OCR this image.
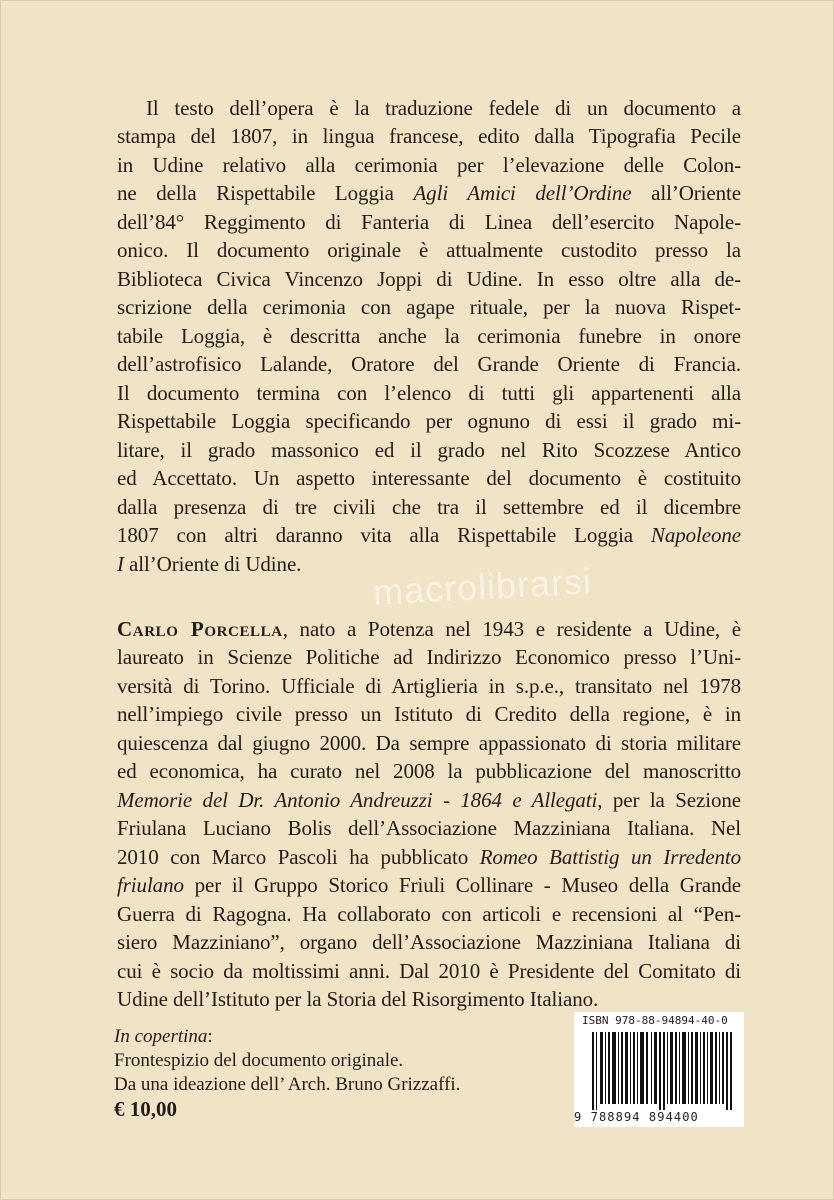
Il testo dell’opera è la traduzione fedele di un documento a
stampa del 1807, in lingua francese, edito dalla Tipografia Pecile
in Udine relativo alla cerimonia per l’elevazione delle Colon-
ne della Rispettabile Loggia Agli Amici dell’Ordine all’Oriente
dell’84° Reggimento di Fanteria di Linea dell’esercito Napole-
onico. Il documento originale è attualmente custodito presso la
Biblioteca Civica Vincenzo Joppi di Udine. In esso oltre alla de-
scrizione della cerimonia con agape rituale, per la nuova Rispet-
tabile Loggia, è descritta anche la cerimonia funebre in onore
dell’astrofisico Lalande, Oratore del Grande Oriente di Francia.
Il documento termina con l’elenco di tutti gli appartenenti alla
Rispettabile Loggia specificando per ognuno di essi il grado mi-
litare, il grado massonico ed il grado nel Rito Scozzese Antico
ed Accettato. Un aspetto interessante del documento è costituito
dalla presenza di tre civili che tra il settembre ed il dicembre
1807 con altri daranno vita alla Rispettabile Loggia Napoleone
I all’Oriente di Udine.	macrolibrarsi
Carlo Porcella, nato a Potenza nel 1943 e residente a Udine, è
laureato in Scienze Politiche ad Indirizzo Economico presso l’Uni-
versità di Torino. Ufficiale di Artiglieria in s.p.e., transitato nel 1978
nell’impiego civile presso un Istituto di Credito della regione, è in
quiescenza dal giugno 2000. Da sempre appassionato di storia militare
ed economica, ha curato nel 2008 la pubblicazione del manoscritto
Memorie del Dr. Antonio Andreuzzi - 1864 e Allegati, per la Sezione
Friulana Luciano Bolis dell’Associazione Mazziniana Italiana. Nel
2010 con Marco Pascoli ha pubblicato Romeo Battistig un Irredento
friulano per il Gruppo Storico Friuli Collinare - Museo della Grande
Guerra di Ragogna. Ha collaborato con articoli e recensioni al “Pen-
siero Mazziniano”, organo dell’Associazione Mazziniana Italiana di
cui è socio da moltissimi anni. Dal 2010 è Presidente del Comitato di
Udine dell’Istituto per la Storia del Risorgimento Italiano.
In copertina:
Frontespizio del documento originale.
Da una ideazione dell’ Arch. Bruno Grizzaffi.
€ 10,00
ISBN 978-88-94894-40-0
9 788894 894400
